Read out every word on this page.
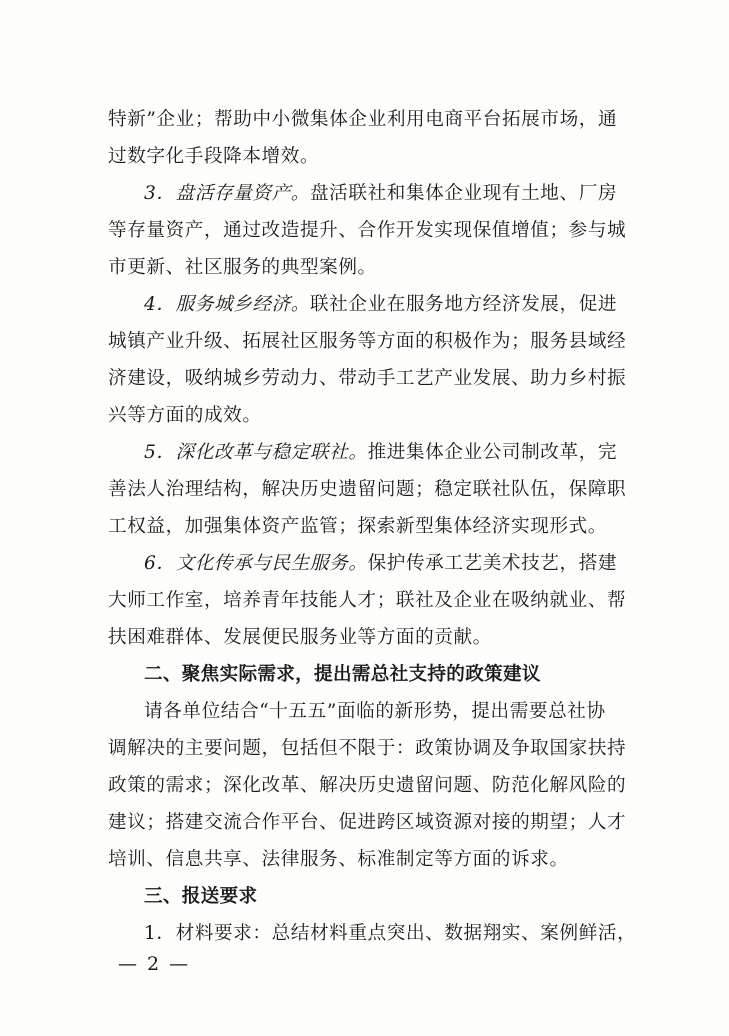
特新”企业；帮助中小微集体企业利用电商平台拓展市场，通
过数字化手段降本增效。
3．盘活存量资产。盘活联社和集体企业现有土地、厂房
等存量资产，通过改造提升、合作开发实现保值增值；参与城
市更新、社区服务的典型案例。
4．服务城乡经济。联社企业在服务地方经济发展，促进
城镇产业升级、拓展社区服务等方面的积极作为；服务县域经
济建设，吸纳城乡劳动力、带动手工艺产业发展、助力乡村振
兴等方面的成效。
5．深化改革与稳定联社。推进集体企业公司制改革，完
善法人治理结构，解决历史遗留问题；稳定联社队伍，保障职
工权益，加强集体资产监管；探索新型集体经济实现形式。
6．文化传承与民生服务。保护传承工艺美术技艺，搭建
大师工作室，培养青年技能人才；联社及企业在吸纳就业、帮
扶困难群体、发展便民服务业等方面的贡献。
二、聚焦实际需求，提出需总社支持的政策建议
请各单位结合“十五五”面临的新形势，提出需要总社协
调解决的主要问题，包括但不限于：政策协调及争取国家扶持
政策的需求；深化改革、解决历史遗留问题、防范化解风险的
建议；搭建交流合作平台、促进跨区域资源对接的期望；人才
培训、信息共享、法律服务、标准制定等方面的诉求。
三、报送要求
1．材料要求：总结材料重点突出、数据翔实、案例鲜活，
— 2 —
